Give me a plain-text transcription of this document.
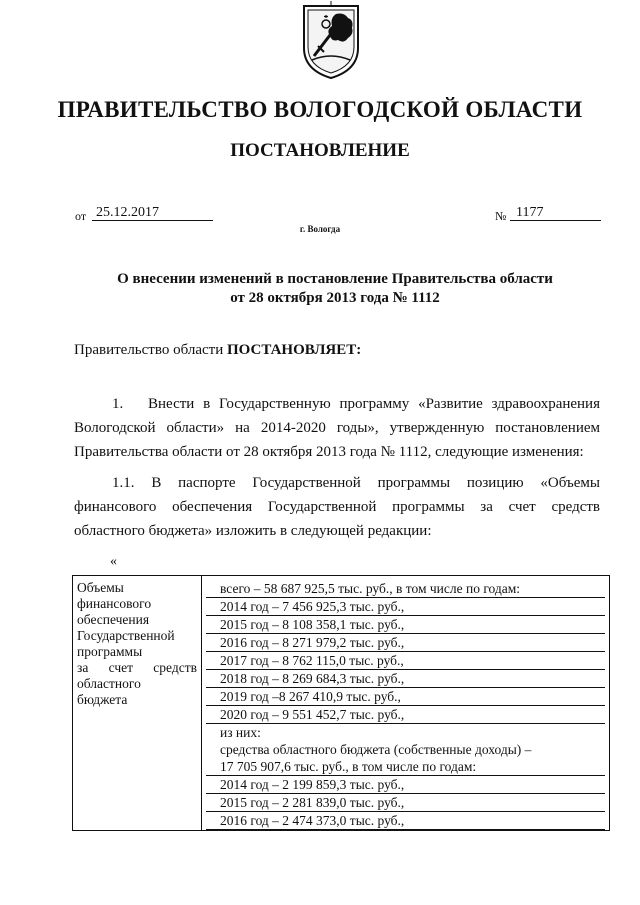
ПРАВИТЕЛЬСТВО ВОЛОГОДСКОЙ ОБЛАСТИ
ПОСТАНОВЛЕНИЕ
от 25.12.2017	№ 1177
г. Вологда
О внесении изменений в постановление Правительства области
от 28 октября 2013 года № 1112
Правительство области ПОСТАНОВЛЯЕТ:
1. Внести в Государственную программу «Развитие здравоохранения Вологодской области» на 2014-2020 годы», утвержденную постановлением Правительства области от 28 октября 2013 года № 1112, следующие изменения:
1.1. В паспорте Государственной программы позицию «Объемы финансового обеспечения Государственной программы за счет средств областного бюджета» изложить в следующей редакции:
«
Объемы
финансового
обеспечения
Государственной
программы
за счет средств
областного
бюджета

всего – 58 687 925,5 тыс. руб., в том числе по годам:
2014 год – 7 456 925,3 тыс. руб.,
2015 год – 8 108 358,1 тыс. руб.,
2016 год – 8 271 979,2 тыс. руб.,
2017 год – 8 762 115,0 тыс. руб.,
2018 год – 8 269 684,3 тыс. руб.,
2019 год –8 267 410,9 тыс. руб.,
2020 год – 9 551 452,7 тыс. руб.,
из них:
средства областного бюджета (собственные доходы) –
17 705 907,6 тыс. руб., в том числе по годам:
2014 год – 2 199 859,3 тыс. руб.,
2015 год – 2 281 839,0 тыс. руб.,
2016 год – 2 474 373,0 тыс. руб.,
